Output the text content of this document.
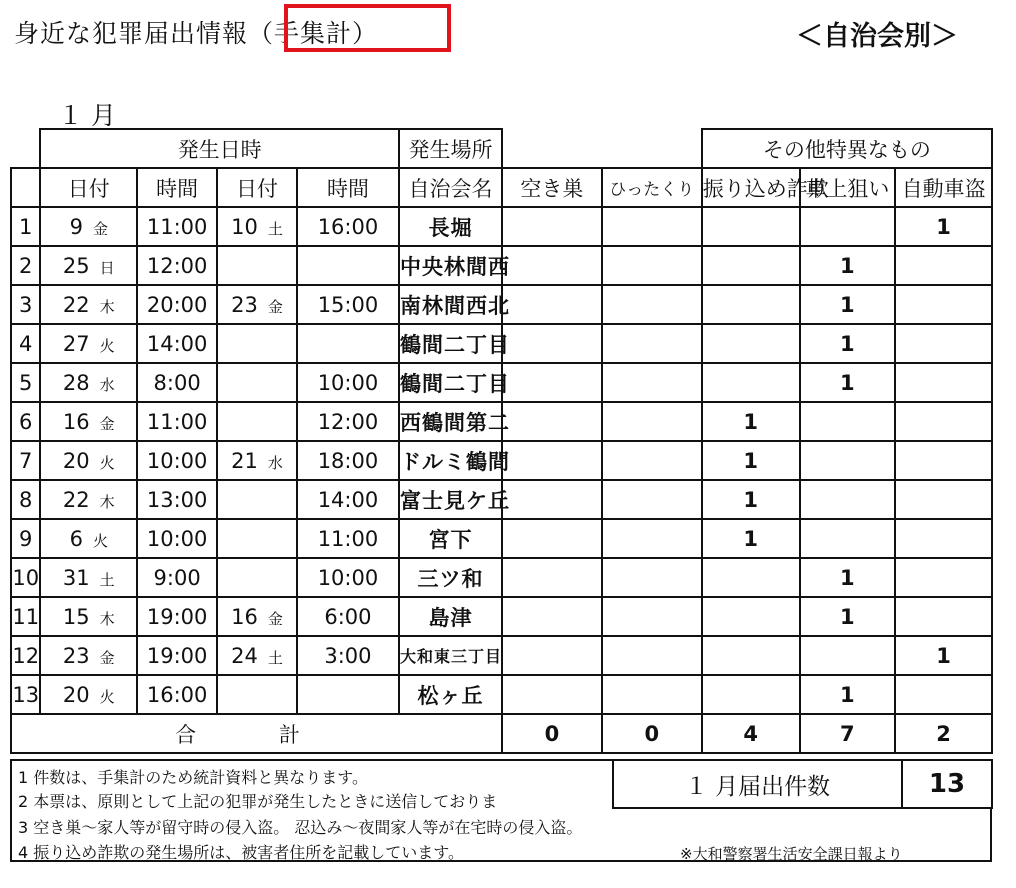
身近な犯罪届出情報（手集計）	＜自治会別＞
１ 月
	発生日時				発生場所			その他特異なもの		
	日付	時間	日付	時間	自治会名	空き巣	ひったくり	振り込め詐欺	車上狙い	自動車盗
1	9 金	11:00	10 土	16:00	長堀					1
2	25 日	12:00			中央林間西				1	
3	22 木	20:00	23 金	15:00	南林間西北				1	
4	27 火	14:00			鶴間二丁目				1	
5	28 水	8:00		10:00	鶴間二丁目				1	
6	16 金	11:00		12:00	西鶴間第二			1		
7	20 火	10:00	21 水	18:00	ドルミ鶴間			1		
8	22 木	13:00		14:00	富士見ケ丘			1		
9	6 火	10:00		11:00	宮下			1		
10	31 土	9:00		10:00	三ツ和				1	
11	15 木	19:00	16 金	6:00	島津				1	
12	23 金	19:00	24 土	3:00	大和東三丁目					1
13	20 火	16:00			松ヶ丘				1	
合 計						0	0	4	7	2
1 件数は、手集計のため統計資料と異なります。
2 本票は、原則として上記の犯罪が発生したときに送信しておりま
3 空き巣～家人等が留守時の侵入盗。 忍込み～夜間家人等が在宅時の侵入盗。
4 振り込め詐欺の発生場所は、被害者住所を記載しています。	※大和警察署生活安全課日報より
１ 月届出件数	13
